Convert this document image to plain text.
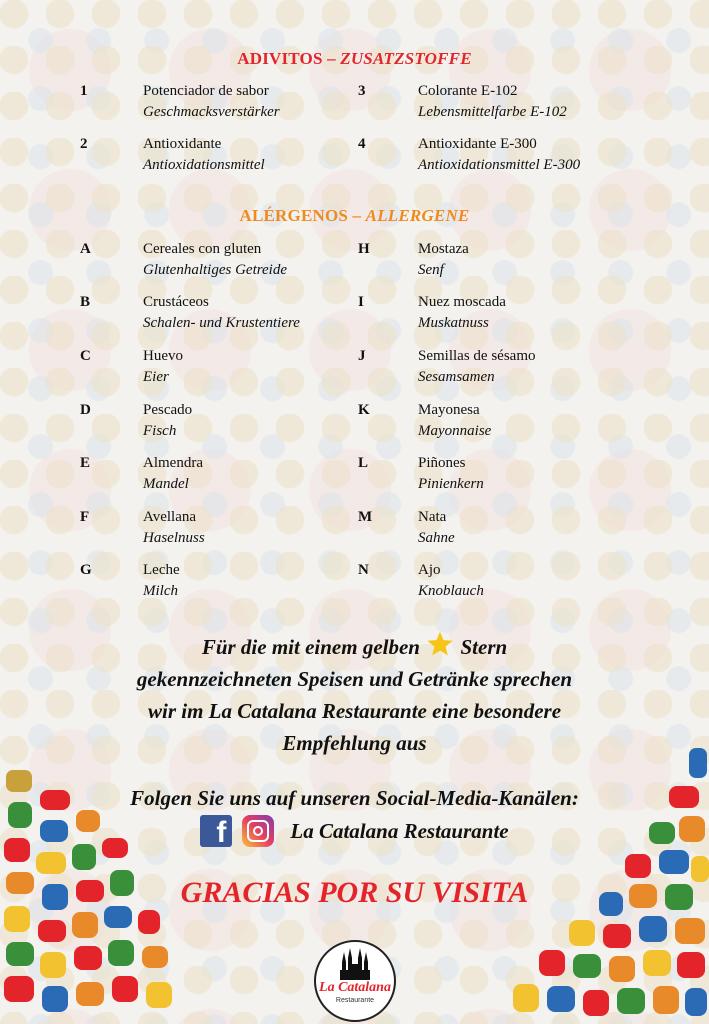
ADIVITOS – ZUSATZSTOFFE
1	Potenciador de sabor
Geschmacksverstärker
3	Colorante E-102
Lebensmittelfarbe E-102
2	Antioxidante
Antioxidationsmittel
4	Antioxidante E-300
Antioxidationsmittel E-300
ALÉRGENOS – ALLERGENE
A	Cereales con gluten
Glutenhaltiges Getreide
H	Mostaza
Senf
B	Crustáceos
Schalen- und Krustentiere
I	Nuez moscada
Muskatnuss
C	Huevo
Eier
J	Semillas de sésamo
Sesamsamen
D	Pescado
Fisch
K	Mayonesa
Mayonnaise
E	Almendra
Mandel
L	Piñones
Pinienkern
F	Avellana
Haselnuss
M	Nata
Sahne
G	Leche
Milch
N	Ajo
Knoblauch
Für die mit einem gelben Stern
gekennzeichneten Speisen und Getränke sprechen
wir im La Catalana Restaurante eine besondere
Empfehlung aus
Folgen Sie uns auf unseren Social-Media-Kanälen:
f	La Catalana Restaurante
GRACIAS POR SU VISITA
La Catalana
Restaurante
